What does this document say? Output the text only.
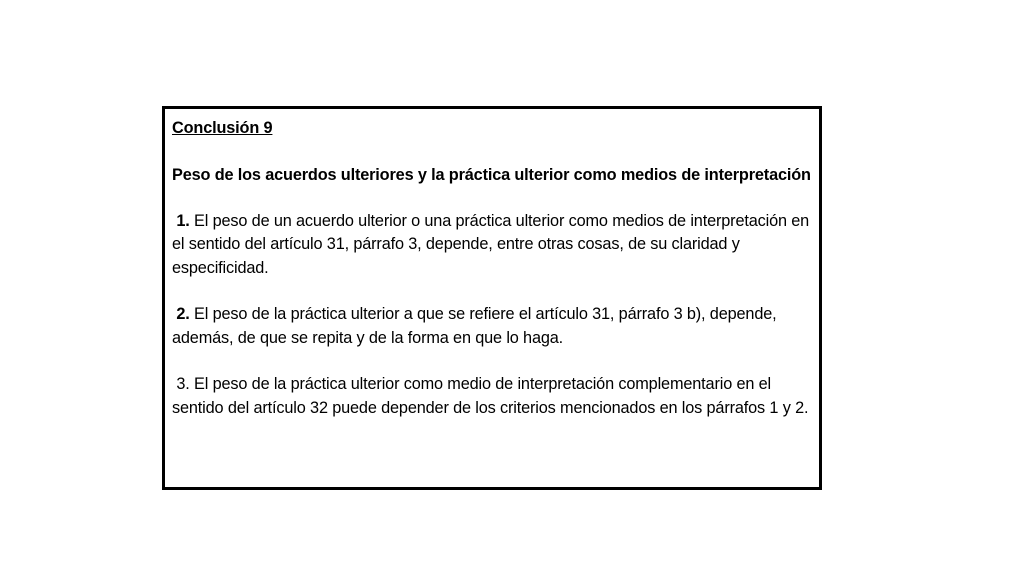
Conclusión 9

Peso de los acuerdos ulteriores y la práctica ulterior como medios de interpretación

1. El peso de un acuerdo ulterior o una práctica ulterior como medios de interpretación en el sentido del artículo 31, párrafo 3, depende, entre otras cosas, de su claridad y especificidad.

2. El peso de la práctica ulterior a que se refiere el artículo 31, párrafo 3 b), depende, además, de que se repita y de la forma en que lo haga.

3. El peso de la práctica ulterior como medio de interpretación complementario en el sentido del artículo 32 puede depender de los criterios mencionados en los párrafos 1 y 2.
